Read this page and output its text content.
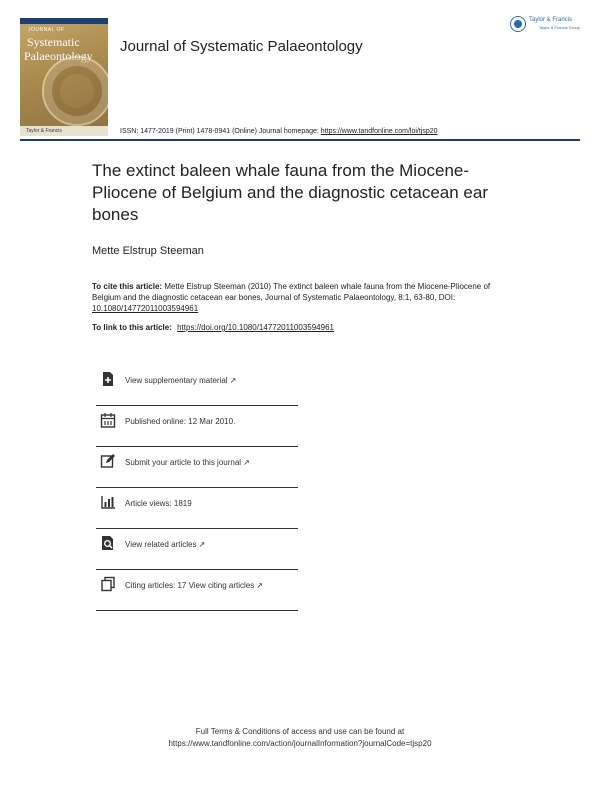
JOURNAL OF
Systematic
Palaeontology
Taylor & Francis
Journal of Systematic Palaeontology
Taylor & Francis
Taylor & Francis Group
ISSN: 1477-2019 (Print) 1478-0941 (Online) Journal homepage: https://www.tandfonline.com/loi/tjsp20
The extinct baleen whale fauna from the Miocene-Pliocene of Belgium and the diagnostic cetacean ear bones
Mette Elstrup Steeman
To cite this article: Mette Elstrup Steeman (2010) The extinct baleen whale fauna from the Miocene-Pliocene of Belgium and the diagnostic cetacean ear bones, Journal of Systematic Palaeontology, 8:1, 63-80, DOI: 10.1080/14772011003594961
To link to this article: https://doi.org/10.1080/14772011003594961
View supplementary material ↗
Published online: 12 Mar 2010.
Submit your article to this journal ↗
Article views: 1819
View related articles ↗
Citing articles: 17 View citing articles ↗
Full Terms & Conditions of access and use can be found at
https://www.tandfonline.com/action/journalInformation?journalCode=tjsp20
